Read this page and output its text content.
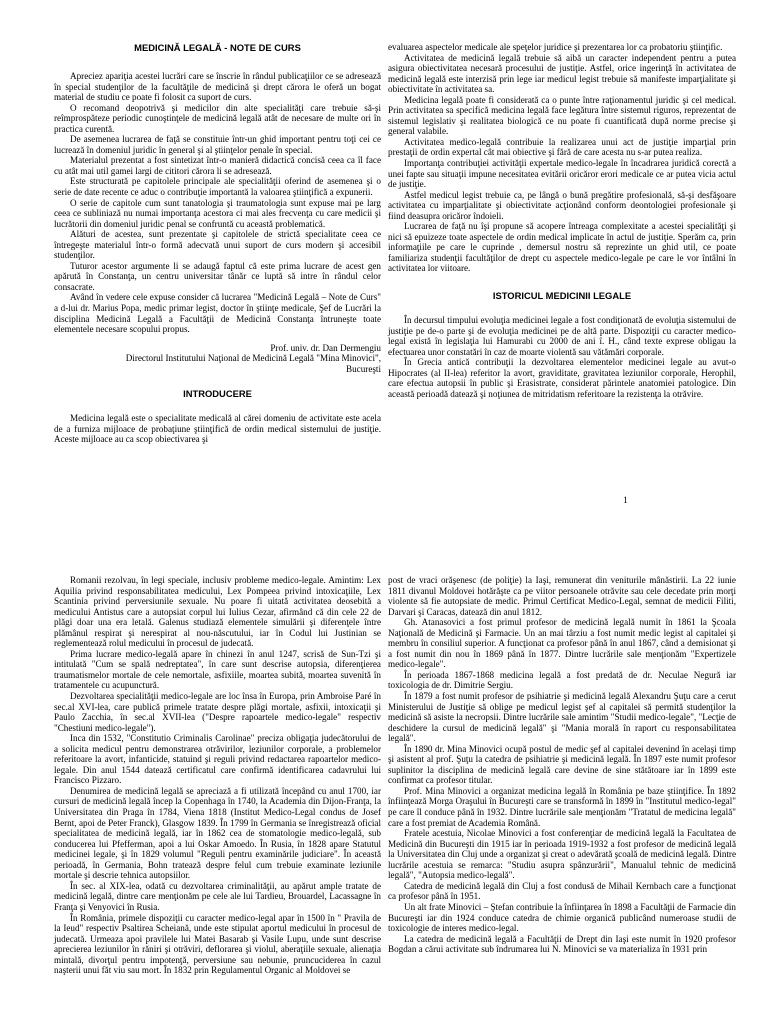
MEDICINĂ LEGALĂ - NOTE DE CURS

Apreciez apariţia acestei lucrări care se înscrie în rândul publicaţiilor ce se adresează în special studenţilor de la facultăţile de medicină şi drept cărora le oferă un bogat material de studiu ce poate fi folosit ca suport de curs.

O recomand deopotrivă şi medicilor din alte specialităţi care trebuie să-şi reîmprospăteze periodic cunoştinţele de medicină legală atât de necesare de multe ori în practica curentă.

De asemenea lucrarea de faţă se constituie într-un ghid important pentru toţi cei ce lucrează în domeniul juridic în general şi al ştiinţelor penale în special.

Materialul prezentat a fost sintetizat într-o manieră didactică concisă ceea ca îl face cu atât mai util gamei largi de cititori cărora li se adresează.

Este structurată pe capitolele principale ale specialităţii oferind de asemenea şi o serie de date recente ce aduc o contribuţie importantă la valoarea ştiinţifică a expunerii.

O serie de capitole cum sunt tanatologia şi traumatologia sunt expuse mai pe larg ceea ce subliniază nu numai importanţa acestora ci mai ales frecvenţa cu care medicii şi lucrătorii din domeniul juridic penal se confruntă cu această problematică.

Alături de acestea, sunt prezentate şi capitolele de strictă specialitate ceea ce întregeşte materialul într-o formă adecvată unui suport de curs modern şi accesibil studenţilor.

Tuturor acestor argumente li se adaugă faptul că este prima lucrare de acest gen apărută în Constanţa, un centru universitar tânăr ce luptă să intre în rândul celor consacrate.

Având în vedere cele expuse consider că lucrarea "Medicină Legală – Note de Curs" a d-lui dr. Marius Popa, medic primar legist, doctor în ştiinţe medicale, Şef de Lucrări la disciplina Medicină Legală a Facultăţii de Medicină Constanţa întruneşte toate elementele necesare scopului propus.

Prof. univ. dr. Dan Dermengiu

Directorul Institutului Naţional de Medicină Legală "Mina Minovici",

Bucureşti

INTRODUCERE

Medicina legală este o specialitate medicală al cărei domeniu de activitate este acela de a furniza mijloace de probaţiune ştiinţifică de ordin medical sistemului de justiţie. Aceste mijloace au ca scop obiectivarea şi

evaluarea aspectelor medicale ale speţelor juridice şi prezentarea lor ca probatoriu ştiinţific.

Activitatea de medicină legală trebuie să aibă un caracter independent pentru a putea asigura obiectivitatea necesară procesului de justiţie. Astfel, orice ingerinţă în activitatea de medicină legală este interzisă prin lege iar medicul legist trebuie să manifeste imparţialitate şi obiectivitate în activitatea sa.

Medicina legală poate fi considerată ca o punte între raţionamentul juridic şi cel medical. Prin activitatea sa specifică medicina legală face legătura între sistemul riguros, reprezentat de sistemul legislativ şi realitatea biologică ce nu poate fi cuantificată după norme precise şi general valabile.

Activitatea medico-legală contribuie la realizarea unui act de justiţie imparţial prin prestaţii de ordin expertal cât mai obiective şi fără de care acesta nu s-ar putea realiza.

Importanţa contribuţiei activităţii expertale medico-legale în încadrarea juridică corectă a unei fapte sau situaţii impune necesitatea evitării oricăror erori medicale ce ar putea vicia actul de justiţie.

Astfel medicul legist trebuie ca, pe lângă o bună pregătire profesională, să-şi desfăşoare activitatea cu imparţialitate şi obiectivitate acţionând conform deontologiei profesionale şi fiind deasupra oricăror îndoieli.

Lucrarea de faţă nu îşi propune să acopere întreaga complexitate a acestei specialităţi şi nici să epuizeze toate aspectele de ordin medical implicate în actul de justiţie. Sperăm ca, prin informaţiile pe care le cuprinde , demersul nostru să reprezinte un ghid util, ce poate familiariza studenţii facultăţilor de drept cu aspectele medico-legale pe care le vor întâlni în activitatea lor viitoare.

ISTORICUL MEDICINII LEGALE

În decursul timpului evoluţia medicinei legale a fost condiţionată de evoluţia sistemului de justiţie pe de-o parte şi de evoluţia medicinei pe de altă parte. Dispoziţii cu caracter medico-legal există în legislaţia lui Hamurabi cu 2000 de ani î. H., când texte exprese obligau la efectuarea unor constatări în caz de moarte violentă sau vătămări corporale.

În Grecia antică contribuţii la dezvoltarea elementelor medicinei legale au avut-o Hipocrates (al II-lea) referitor la avort, graviditate, gravitatea leziunilor corporale, Herophil, care efectua autopsii în public şi Erasistrate, considerat părintele anatomiei patologice. Din această perioadă datează şi noţiunea de mitridatism referitoare la rezistenţa la otrăvire.

1

Romanii rezolvau, în legi speciale, inclusiv probleme medico-legale. Amintim: Lex Aquilia privind responsabilitatea medicului, Lex Pompeea privind intoxicaţiile, Lex Scantinia privind perversiunile sexuale. Nu poare fi uitată activitatea deosebită a medicului Antistus care a autopsiat corpul lui Iulius Cezar, afirmând că din cele 22 de plăgi doar una era letală. Galenus studiază elementele simulării şi diferenţele între plămânul respirat şi nerespirat al nou-născutului, iar în Codul lui Justinian se reglementează rolul medicului în procesul de judecată.

Prima lucrare medico-legală apare în chinezi în anul 1247, scrisă de Sun-Tzi şi intitulată "Cum se spală nedreptatea", în care sunt descrise autopsia, diferenţierea traumatismelor mortale de cele nemortale, asfixiile, moartea subită, moartea suvenită în tratamentele cu acupunctură.

Dezvoltarea specialităţii medico-legale are loc însa în Europa, prin Ambroise Paré în sec.al XVI-lea, care publică primele tratate despre plăgi mortale, asfixii, intoxicaţii şi Paulo Zacchia, în sec.al XVII-lea ("Despre rapoartele medico-legale" respectiv "Chestiuni medico-legale").

Inca din 1532, "Constitutio Criminalis Carolinae" preciza obligaţia judecătorului de a solicita medicul pentru demonstrarea otrăvirilor, leziunilor corporale, a problemelor referitoare la avort, infanticide, statuind şi reguli privind redactarea rapoartelor medico-legale. Din anul 1544 datează certificatul care confirmă identificarea cadavrului lui Francisco Pizzaro.

Denumirea de medicină legală se apreciază a fi utilizată începând cu anul 1700, iar cursuri de medicină legală încep la Copenhaga în 1740, la Academia din Dijon-Franţa, la Universitatea din Praga în 1784, Viena 1818 (Institut Medico-Legal condus de Josef Bernt, apoi de Peter Franck), Glasgow 1839. În 1799 în Germania se înregistrează oficial specialitatea de medicină legală, iar în 1862 cea de stomatologie medico-legală, sub conducerea lui Pfefferman, apoi a lui Oskar Amoedo. În Rusia, în 1828 apare Statutul medicinei legale, şi în 1829 volumul "Reguli pentru examinările judiciare". În această perioadă, în Germania, Bohn tratează despre felul cum trebuie examinate leziunile mortale şi descrie tehnica autopsiilor.

În sec. al XIX-lea, odată cu dezvoltarea criminalităţii, au apărut ample tratate de medicină legală, dintre care menţionăm pe cele ale lui Tardieu, Brouardel, Lacassagne în Franţa şi Venyovici în Rusia.

În România, primele dispoziţii cu caracter medico-legal apar în 1500 în " Pravila de la Ieud" respectiv Psaltirea Scheiană, unde este stipulat aportul medicului în procesul de judecată. Urmeaza apoi pravilele lui Matei Basarab şi Vasile Lupu, unde sunt descrise aprecierea leziunilor în răniri şi otrăviri, deflorarea şi violul, aberaţiile sexuale, alienaţia mintală, divorţul pentru impotenţă, perversiune sau nebunie, pruncuciderea în cazul naşterii unui făt viu sau mort. În 1832 prin Regulamentul Organic al Moldovei se

post de vraci orăşenesc (de poliţie) la Iaşi, remunerat din veniturile mânăstirii. La 22 iunie 1811 divanul Moldovei hotărăşte ca pe viitor persoanele otrăvite sau cele decedate prin morţi violente să fie autopsiate de medic. Primul Certificat Medico-Legal, semnat de medicii Filiti, Darvari şi Caracas, datează din anul 1812.

Gh. Atanasovici a fost primul profesor de medicină legală numit în 1861 la Şcoala Naţională de Medicină şi Farmacie. Un an mai târziu a fost numit medic legist al capitalei şi membru în consiliul superior. A funcţionat ca profesor până în anul 1867, când a demisionat şi a fost numit din nou în 1869 până în 1877. Dintre lucrările sale menţionăm "Expertizele medico-legale".

În perioada 1867-1868 medicina legală a fost predată de dr. Neculae Negură iar toxicologia de dr. Dimitrie Sergiu.

În 1879 a fost numit profesor de psihiatrie şi medicină legală Alexandru Şuţu care a cerut Ministerului de Justiţie să oblige pe medicul legist şef al capitalei să permită studenţilor la medicină să asiste la necropsii. Dintre lucrările sale amintim "Studii medico-legale", "Lecţie de deschidere la cursul de medicină legală" şi "Mania morală în raport cu responsabilitatea legală".

În 1890 dr. Mina Minovici ocupă postul de medic şef al capitalei devenind în acelaşi timp şi asistent al prof. Şuţu la catedra de psihiatrie şi medicină legală. În 1897 este numit profesor suplinitor la disciplina de medicină legală care devine de sine stătătoare iar în 1899 este confirmat ca profesor titular.

Prof. Mina Minovici a organizat medicina legală în România pe baze ştiinţifice. În 1892 înfiinţează Morga Oraşului în Bucureşti care se transformă în 1899 în "Institutul medico-legal" pe care îl conduce până în 1932. Dintre lucrările sale menţionăm "Tratatul de medicina legală" care a fost premiat de Academia Română.

Fratele acestuia, Nicolae Minovici a fost conferenţiar de medicină legală la Facultatea de Medicină din Bucureşti din 1915 iar în perioada 1919-1932 a fost profesor de medicină legală la Universitatea din Cluj unde a organizat şi creat o adevărată şcoală de medicină legală. Dintre lucrările acestuia se remarca: "Studiu asupra spânzurării", Manualul tehnic de medicină legală", "Autopsia medico-legală".

Catedra de medicină legală din Cluj a fost condusă de Mihail Kernbach care a funcţionat ca profesor până în 1951.

Un alt frate Minovici – Ştefan contribuie la înfiinţarea în 1898 a Facultăţii de Farmacie din Bucureşti iar din 1924 conduce catedra de chimie organică publicând numeroase studii de toxicologie de interes medico-legal.

La catedra de medicină legală a Facultăţii de Drept din Iaşi este numit în 1920 profesor Bogdan a cărui activitate sub îndrumarea lui N. Minovici se va materializa în 1931 prin
